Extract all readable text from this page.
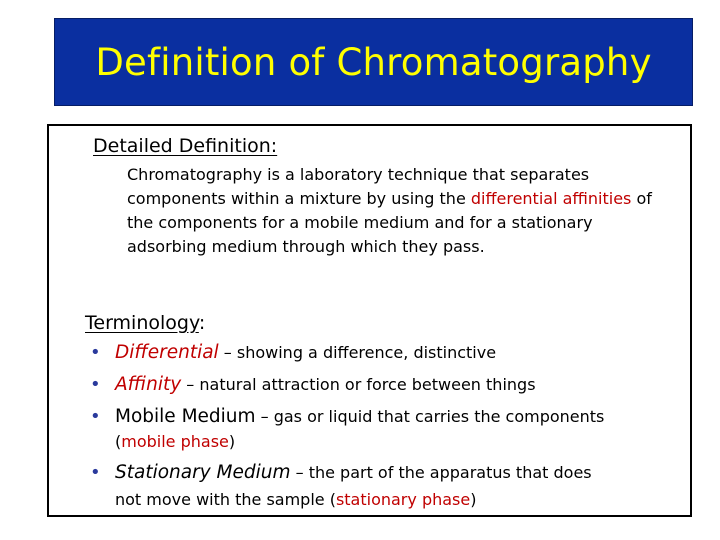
Definition of Chromatography
Detailed Definition:
Chromatography is a laboratory technique that separates components within a mixture by using the differential affinities of the components for a mobile medium and for a stationary adsorbing medium through which they pass.
Terminology:
• Differential – showing a difference, distinctive
• Affinity – natural attraction or force between things
• Mobile Medium – gas or liquid that carries the components
(mobile phase)
• Stationary Medium – the part of the apparatus that does
not move with the sample (stationary phase)
